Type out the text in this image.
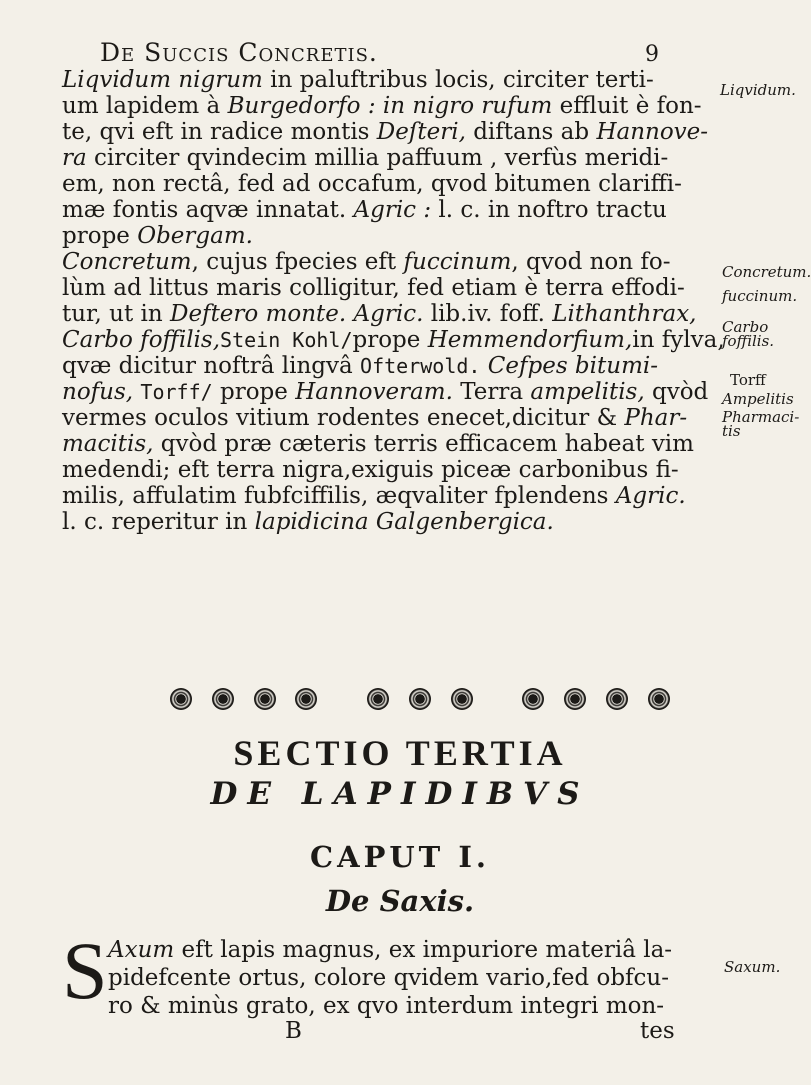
De Succis Concretis.	9
Liqvidum nigrum in paluftribus locis, circiter terti-
um lapidem à Burgedorfo : in nigro rufum effluit è fon-
te, qvi eft in radice montis Deſteri, diftans ab Hannove-
ra circiter qvindecim millia paffuum , verfùs meridi-
em, non rectâ, fed ad occafum, qvod bitumen clariffi-
mæ fontis aqvæ innatat. Agric : l. c. in noftro tractu
prope Obergam.
Concretum, cujus fpecies eft fuccinum, qvod non fo-
lùm ad littus maris colligitur, fed etiam è terra effodi-
tur, ut in Deftero monte. Agric. lib.iv. foff. Lithanthrax,
Carbo foffilis,Stein Kohl/prope Hemmendorfium,in fylva,
qvæ dicitur noftrâ lingvâ Ofterwold. Cefpes bitumi-
nofus, Torff/ prope Hannoveram. Terra ampelitis, qvòd
vermes oculos vitium rodentes enecet,dicitur & Phar-
macitis, qvòd præ cæteris terris efficacem habeat vim
medendi; eft terra nigra,exiguis piceæ carbonibus fi-
milis, affulatim fubfciffilis, æqvaliter fplendens Agric.
l. c. reperitur in lapidicina Galgenbergica.
Liqvidum.
Concretum.
fuccinum.
Carbo foffilis.
Torff
Ampelitis
Pharmaci-tis
Saxum.
SECTIO TERTIA
DE LAPIDIBVS
CAPUT I.
De Saxis.
S Axum eft lapis magnus, ex impuriore materiâ la-
pidefcente ortus, colore qvidem vario,fed obfcu-
ro & minùs grato, ex qvo interdum integri mon-
B	tes
